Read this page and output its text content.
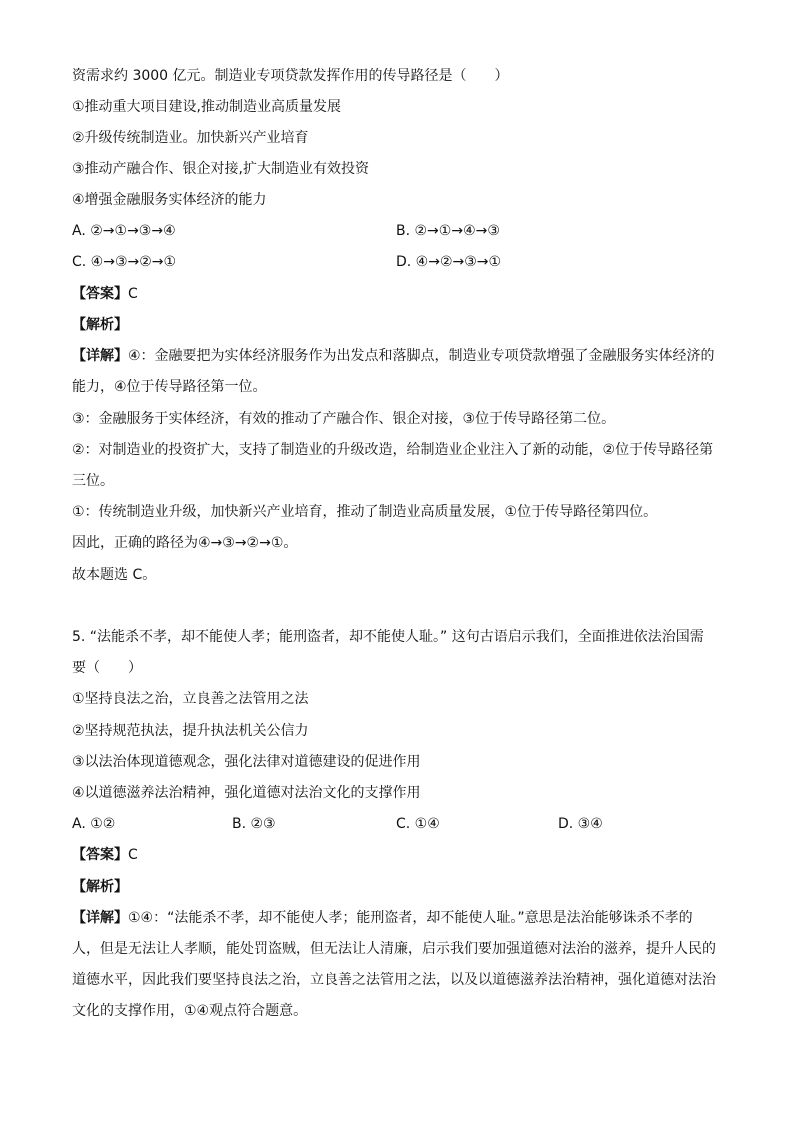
资需求约 3000 亿元。制造业专项贷款发挥作用的传导路径是（　　）
①推动重大项目建设,推动制造业高质量发展
②升级传统制造业。加快新兴产业培育
③推动产融合作、银企对接,扩大制造业有效投资
④增强金融服务实体经济的能力
A. ②→①→③→④	B. ②→①→④→③
C. ④→③→②→①	D. ④→②→③→①
【答案】C
【解析】
【详解】④：金融要把为实体经济服务作为出发点和落脚点，制造业专项贷款增强了金融服务实体经济的
能力，④位于传导路径第一位。
③：金融服务于实体经济，有效的推动了产融合作、银企对接，③位于传导路径第二位。
②：对制造业的投资扩大，支持了制造业的升级改造，给制造业企业注入了新的动能，②位于传导路径第
三位。
①：传统制造业升级，加快新兴产业培育，推动了制造业高质量发展，①位于传导路径第四位。
因此，正确的路径为④→③→②→①。
故本题选 C。
5. “法能杀不孝，却不能使人孝；能刑盗者，却不能使人耻。” 这句古语启示我们，全面推进依法治国需
要（　　）
①坚持良法之治，立良善之法管用之法
②坚持规范执法，提升执法机关公信力
③以法治体现道德观念，强化法律对道德建设的促进作用
④以道德滋养法治精神，强化道德对法治文化的支撑作用
A. ①②	B. ②③	C. ①④	D. ③④
【答案】C
【解析】
【详解】①④：“法能杀不孝，却不能使人孝；能刑盗者，却不能使人耻。”意思是法治能够诛杀不孝的
人，但是无法让人孝顺，能处罚盗贼，但无法让人清廉，启示我们要加强道德对法治的滋养，提升人民的
道德水平，因此我们要坚持良法之治，立良善之法管用之法，以及以道德滋养法治精神，强化道德对法治
文化的支撑作用，①④观点符合题意。
